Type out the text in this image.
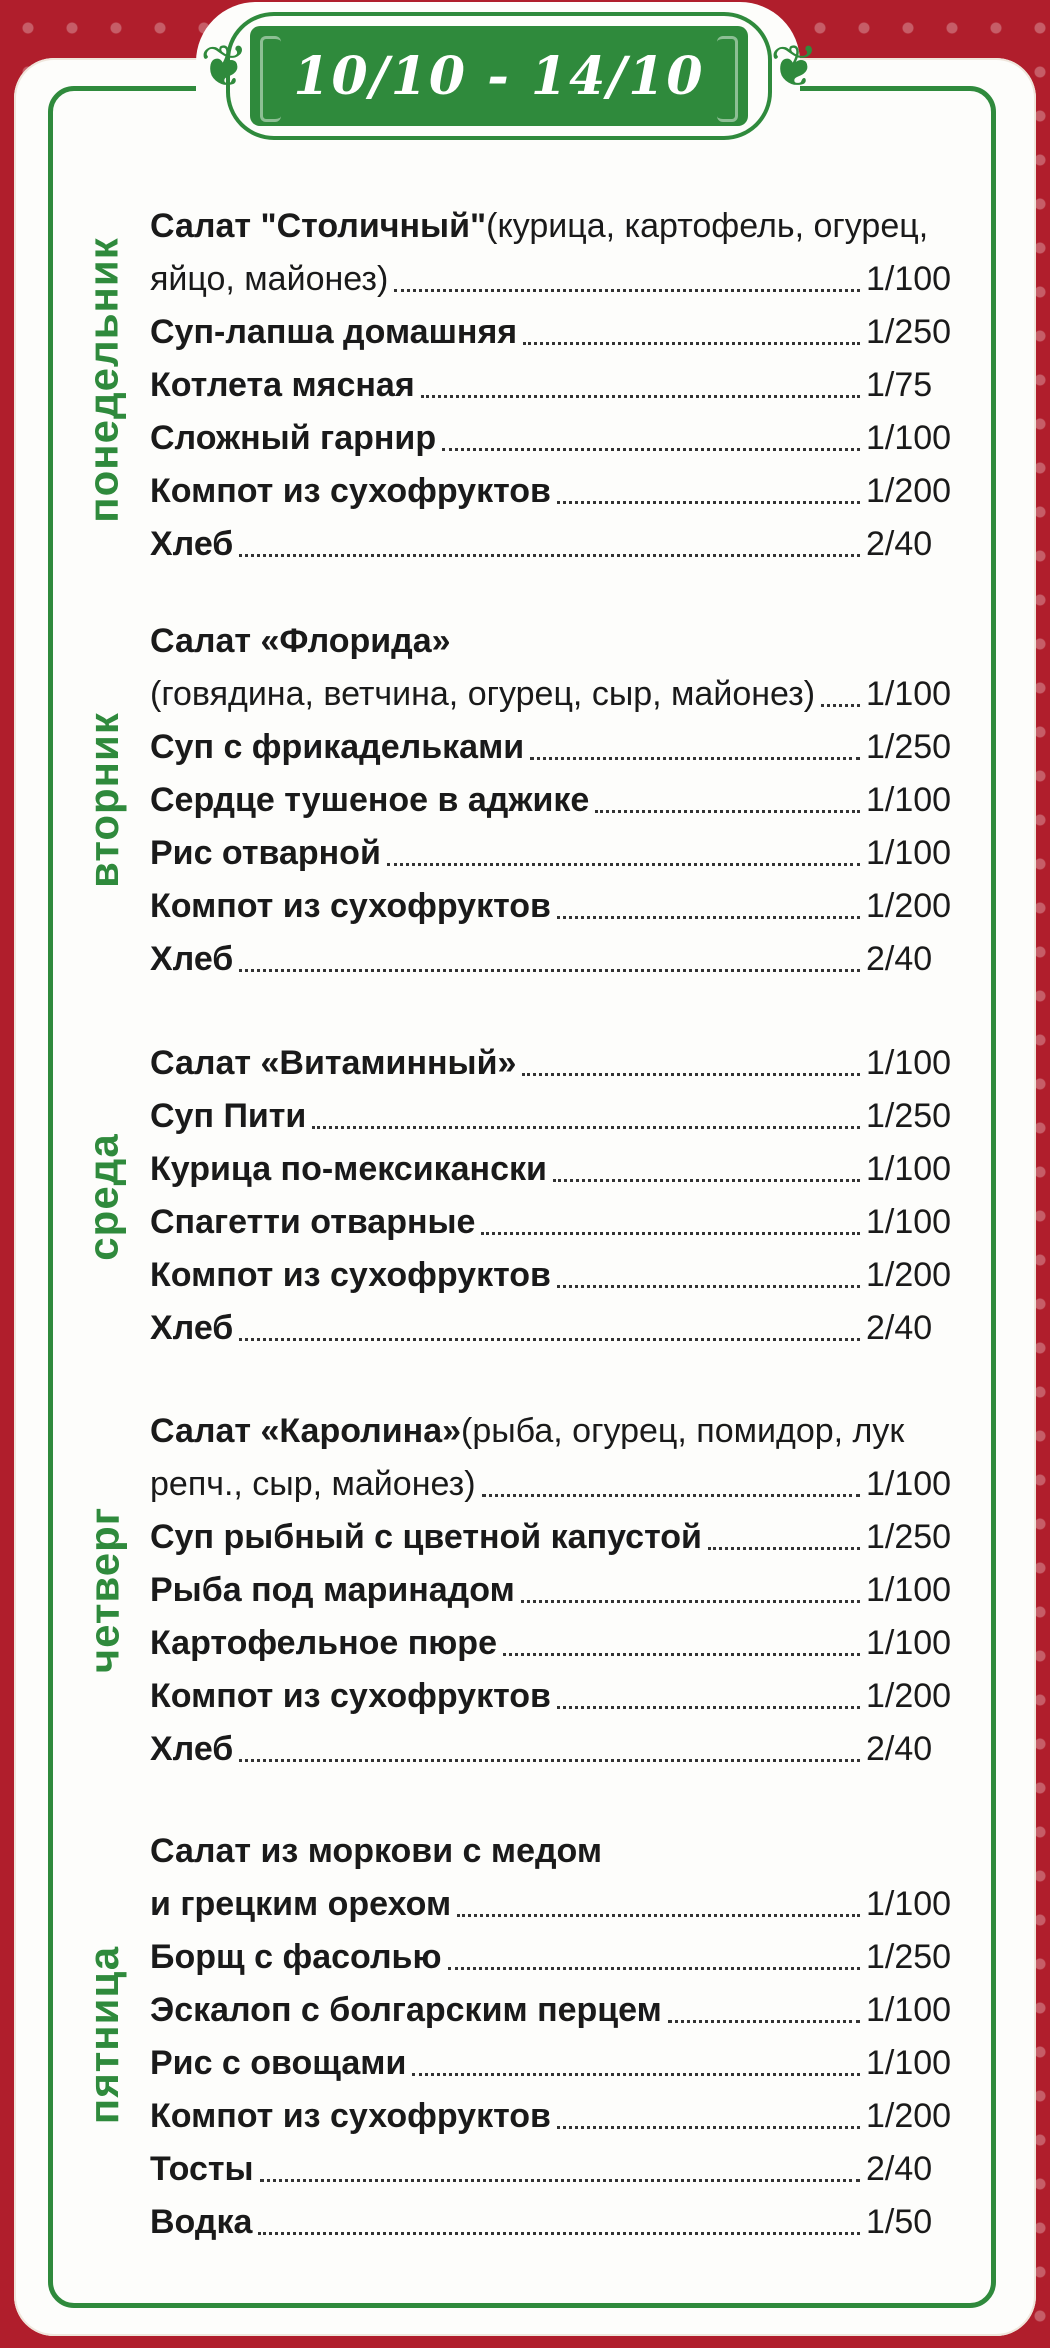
❦	❦
10/10 - 14/10
понедельник
Салат "Столичный" (курица, картофель, огурец,
яйцо, майонез)	1/100
Суп-лапша домашняя	1/250
Котлета мясная	1/75
Сложный гарнир	1/100
Компот из сухофруктов	1/200
Хлеб	2/40
вторник
Салат «Флорида»
(говядина, ветчина, огурец, сыр, майонез) 1/100
Суп с фрикадельками	1/250
Сердце тушеное в аджике	1/100
Рис отварной	1/100
Компот из сухофруктов	1/200
Хлеб	2/40
среда
Салат «Витаминный»	1/100
Суп Пити	1/250
Курица по-мексикански	1/100
Спагетти отварные	1/100
Компот из сухофруктов	1/200
Хлеб	2/40
четверг
Салат «Каролина» (рыба, огурец, помидор, лук
репч., сыр, майонез)	1/100
Суп рыбный с цветной капустой	1/250
Рыба под маринадом	1/100
Картофельное пюре	1/100
Компот из сухофруктов	1/200
Хлеб	2/40
пятница
Салат из моркови с медом
и грецким орехом	1/100
Борщ с фасолью	1/250
Эскалоп с болгарским перцем	1/100
Рис с овощами	1/100
Компот из сухофруктов	1/200
Тосты	2/40
Водка	1/50
